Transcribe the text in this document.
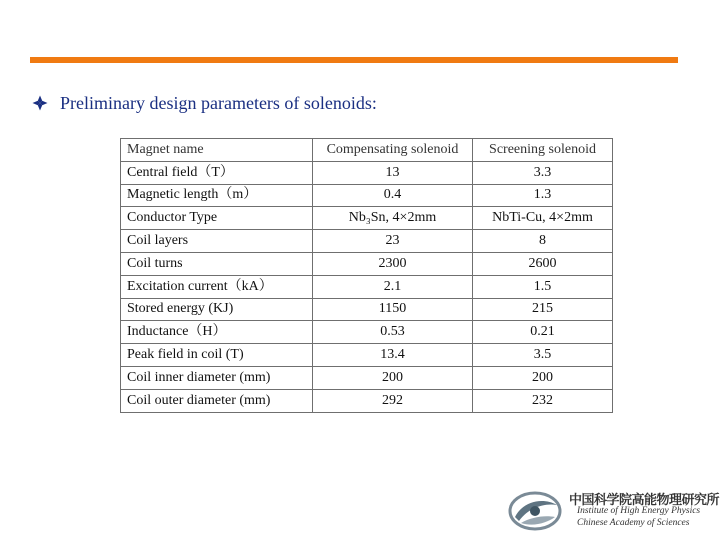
Preliminary design parameters of solenoids:
Magnet name	Compensating solenoid	Screening solenoid
Central field（T）	13	3.3
Magnetic length（m）	0.4	1.3
Conductor Type	Nb₃Sn, 4×2mm	NbTi-Cu, 4×2mm
Coil layers	23	8
Coil turns	2300	2600
Excitation current（kA）	2.1	1.5
Stored energy (KJ)	1150	215
Inductance（H）	0.53	0.21
Peak field in coil (T)	13.4	3.5
Coil inner diameter (mm)	200	200
Coil outer diameter (mm)	292	232
中国科学院高能物理研究所
Institute of High Energy Physics
Chinese Academy of Sciences
